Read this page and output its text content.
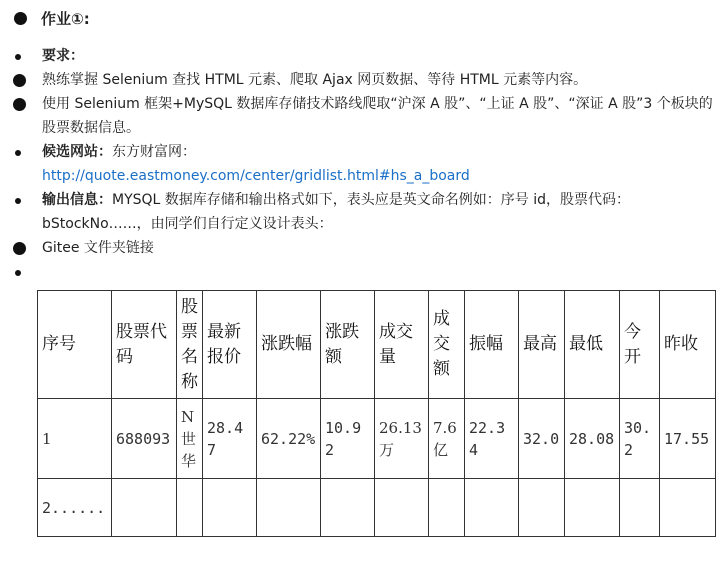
作业①:
要求：
熟练掌握 Selenium 查找 HTML 元素、爬取 Ajax 网页数据、等待 HTML 元素等内容。
使用 Selenium 框架+MySQL 数据库存储技术路线爬取“沪深 A 股”、“上证 A 股”、“深证 A 股”3 个板块的股票数据信息。
候选网站：东方财富网：
http://quote.eastmoney.com/center/gridlist.html#hs_a_board
输出信息：MYSQL 数据库存储和输出格式如下，表头应是英文命名例如：序号 id，股票代码：bStockNo……，由同学们自行定义设计表头：
Gitee 文件夹链接

序号	股票代码	股票名称	最新报价	涨跌幅	涨跌额	成交量	成交额	振幅	最高	最低	今开	昨收
1	688093	N世华	28.47	62.22%	10.92	26.13万	7.6亿	22.34	32.0	28.08	30.2	17.55
2......												
